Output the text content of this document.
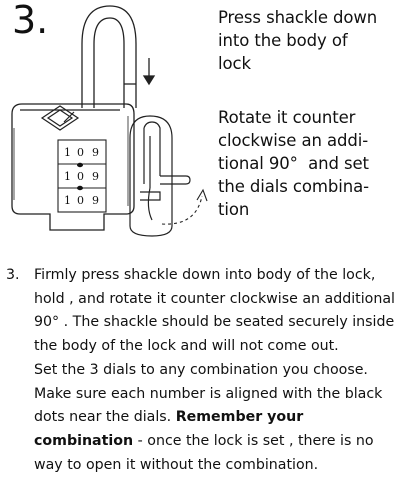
3.
1 0 9
1 0 9
1 0 9
Press shackle down
into the body of
lock
Rotate it counter
clockwise an addi-
tional 90°  and set
the dials combina-
tion
3. Firmly press shackle down into body of the lock, hold , and rotate it counter clockwise an additional 90° . The shackle should be seated securely inside the body of the lock and will not come out.

Set the 3 dials to any combination you choose. Make sure each number is aligned with the black dots near the dials. Remember your combination - once the lock is set , there is no way to open it without the combination.
